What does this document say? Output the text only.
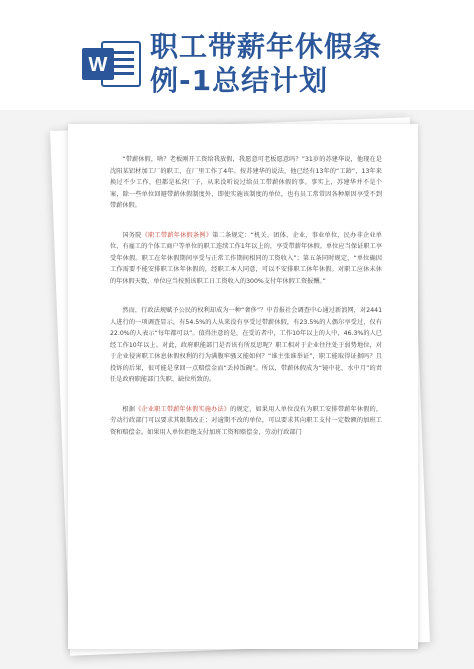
W
职工带薪年休假条
例-1总结计划

“带薪休假，啥？老板刚开工资给我放假，我愿意可老板愿意吗？”31岁的苏建华说，他现在是沈阳某铝材加工厂的职工，在厂里工作了4年。按苏建华的说法，他已经有13年的“工龄”，13年来换过不少工作，但都是私营厂子，从来没听说过给员工带薪休假的事。事实上，苏建华并不是个案，除一些单位回避带薪休假制度外，即使实施该制度的单位，也有员工常常因各种原因享受不到带薪休假。

国务院《职工带薪年休假条例》第二条规定：“机关、团体、企业、事业单位、民办非企业单位、有雇工的个体工商户等单位的职工连续工作1年以上的，享受带薪年休假。单位应当保证职工享受年休假。职工在年休假期间享受与正常工作期间相同的工资收入”；第五条同时规定，“单位确因工作需要不能安排职工休年休假的，经职工本人同意，可以不安排职工休年休假。对职工应休未休的年休假天数，单位应当按照该职工日工资收入的300%支付年休假工资报酬。”

然而，行政法规赋予公民的权利却成为一种“奢侈”？中青报社会调查中心通过新浪网，对2441人进行的一项调查显示，有54.5%的人从来没有享受过带薪休假，有23.5%的人偶尔享受过，仅有22.0%的人表示“每年都可以”。值得注意的是，在受访者中，工作10年以上的人中，46.3%的人已经工作10年以上。对此，政府职能部门是否该有所反思呢？职工相对于企业往往处于弱势地位，对于企业侵害职工休息休假权利的行为满腹牢骚又能如何？“谁主张谁举证”，职工能取得证据吗？且投诉的后果，很可能是拿回一点赔偿金而“丢掉饭碗”。所以，带薪休假成为“镜中花、水中月”的责任是政府职能部门失职、缺位所致的。

根据《企业职工带薪年休假实施办法》的规定，如果用人单位没有为职工安排带薪年休假的，劳动行政部门可以要求其限期改正；对逾期不改的单位，可以要求其向职工支付一定数额的加班工资和赔偿金。如果用人单位拒绝支付加班工资和赔偿金，劳动行政部门
